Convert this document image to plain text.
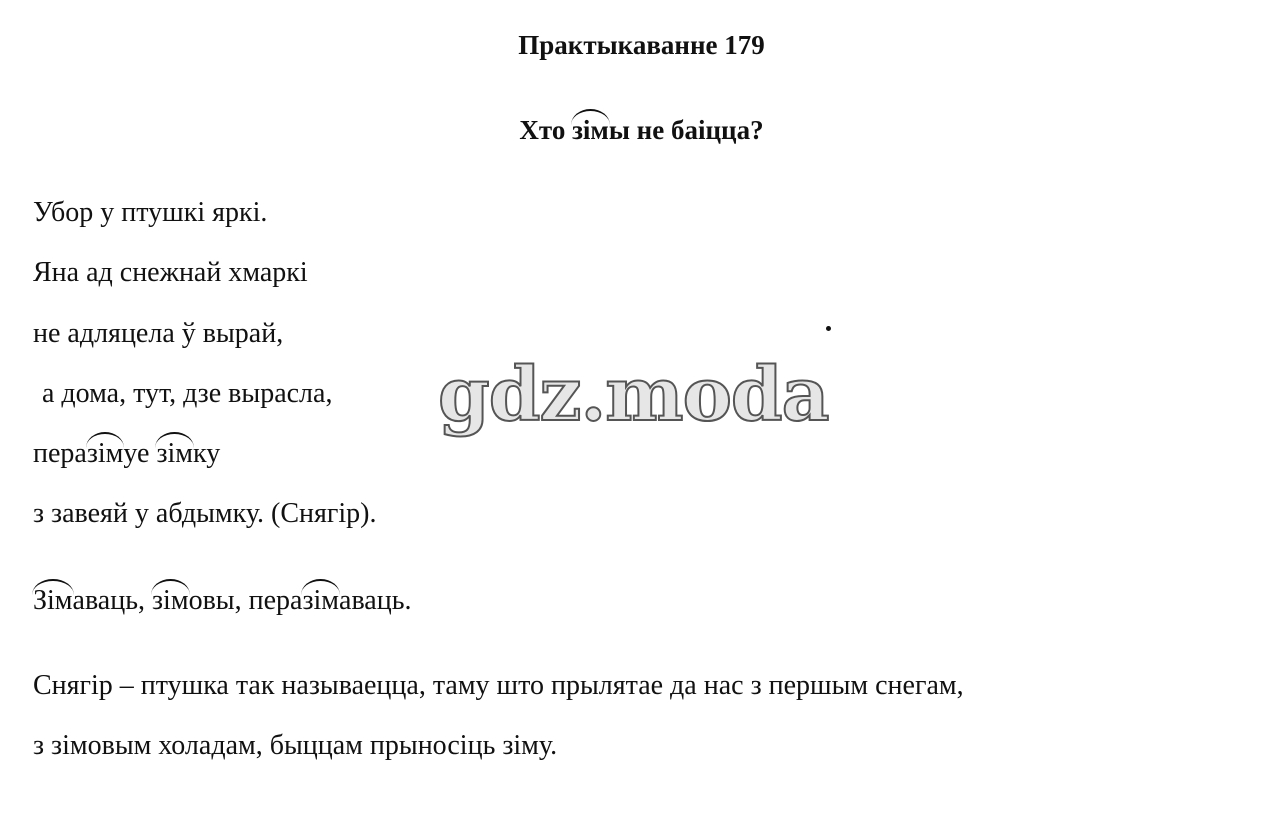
Практыкаванне 179
Хто зімы не баіцца?
Убор у птушкі яркі.
Яна ад снежнай хмаркі
не адляцела ў вырай,
а дома, тут, дзе вырасла,
перазімуе зімку
з завеяй у абдымку. (Снягір).
Зімаваць, зімовы, перазімаваць.
Снягір – птушка так называецца, таму што прылятае да нас з першым снегам,
з зімовым холадам, быццам прыносіць зіму.
gdz.moda
